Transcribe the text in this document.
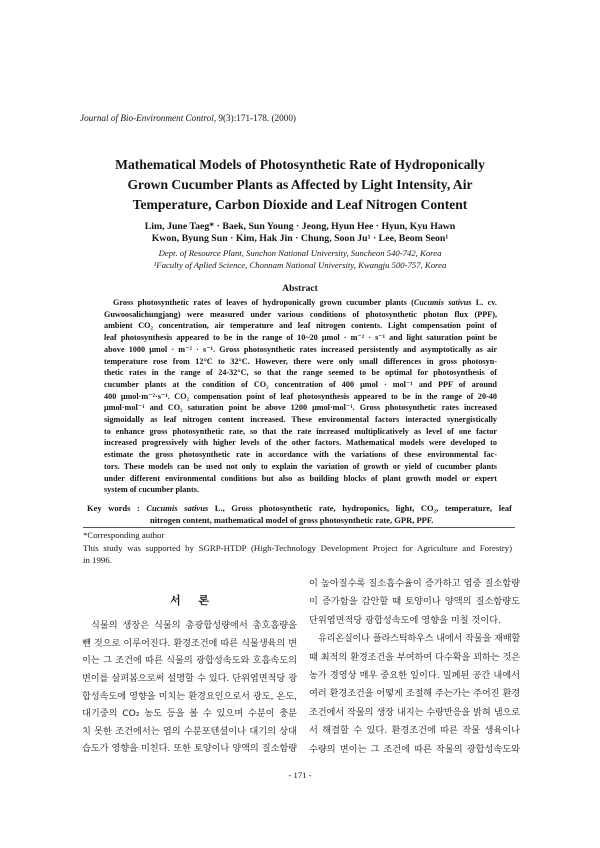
Journal of Bio-Environment Control, 9(3):171-178. (2000)
Mathematical Models of Photosynthetic Rate of Hydroponically
Grown Cucumber Plants as Affected by Light Intensity, Air
Temperature, Carbon Dioxide and Leaf Nitrogen Content
Lim, June Taeg* · Baek, Sun Young · Jeong, Hyun Hee · Hyun, Kyu Hawn
Kwon, Byung Sun · Kim, Hak Jin · Chung, Soon Ju¹ · Lee, Beom Seon¹
Dept. of Resource Plant, Sunchon National University, Suncheon 540-742, Korea
¹Faculty of Aplied Science, Chonnam National University, Kwangju 500-757, Korea
Abstract
Gross photosynthetic rates of leaves of hydroponically grown cucumber plants (Cucumis sativus L. cv.
Guwoosalichungjang) were measured under various conditions of photosynthetic photon flux (PPF),
ambient CO₂ concentration, air temperature and leaf nitrogen contents. Light compensation point of
leaf photosynthesis appeared to be in the range of 10~20 μmol · m⁻² · s⁻¹ and light saturation point be
above 1000 μmol · m⁻² · s⁻¹. Gross photosynthetic rates increased persistently and asymptotically as air
temperature rose from 12°C to 32°C. However, there were only small differences in gross photosyn-
thetic rates in the range of 24-32°C, so that the range seemed to be optimal for photosynthesis of
cucumber plants at the condition of CO₂ concentration of 400 μmol · mol⁻¹ and PPF of around
400 μmol·m⁻²·s⁻¹. CO₂ compensation point of leaf photosynthesis appeared to be in the range of 20-40
μmol·mol⁻¹ and CO₂ saturation point be above 1200 μmol·mol⁻¹. Gross photosynthetic rates increased
sigmoidally as leaf nitrogen content increased. These environmental factors interacted synergistically
to enhance gross photosynthetic rate, so that the rate increased multiplicatively as level of one factor
increased progressively with higher levels of the other factors. Mathematical models were developed to
estimate the gross photosynthetic rate in accordance with the variations of these environmental fac-
tors. These models can be used not only to explain the variation of growth or yield of cucumber plants
under different environmental conditions but also as building blocks of plant growth model or expert
system of cucumber plants.
Key words : Cucumis sativus L., Gross photosynthetic rate, hydroponics, light, CO₂, temperature, leaf
nitrogen content, mathematical model of gross photosynthetic rate, GPR, PPF.
*Corresponding author
This study was supported by SGRP-HTDP (High-Technology Development Project for Agriculture and Forestry)
in 1996.
서 론
식물의 생장은 식물의 총광합성량에서 총호흡량을
뺀 것으로 이루어진다. 환경조건에 따른 식물생육의 변
이는 그 조건에 따른 식물의 광합성속도와 호흡속도의
변이를 살펴봄으로써 설명할 수 있다. 단위엽면적당 광
합성속도에 영향을 미치는 환경요인으로서 광도, 온도,
대기중의 CO₂ 농도 등을 볼 수 있으며 수분이 충분
치 못한 조건에서는 엽의 수분포텐셜이나 대기의 상대
습도가 영향을 미친다. 또한 토양이나 양액의 질소함량
이 높아질수록 질소흡수율이 증가하고 엽중 질소함량
이 증가함을 감안할 때 토양이나 양액의 질소함량도
단위엽면적당 광합성속도에 영향을 미칠 것이다.
유리온실이나 플라스틱하우스 내에서 작물을 재배할
때 최적의 환경조건을 부여하여 다수확을 꾀하는 것은
농가 경영상 매우 중요한 일이다. 밀폐된 공간 내에서
여러 환경조건을 어떻게 조절해 주는가는 주어진 환경
조건에서 작물의 생장 내지는 수량반응을 밝혀 냄으로
서 해결할 수 있다. 환경조건에 따른 작물 생육이나
수량의 변이는 그 조건에 따른 작물의 광합성속도와
- 171 -
